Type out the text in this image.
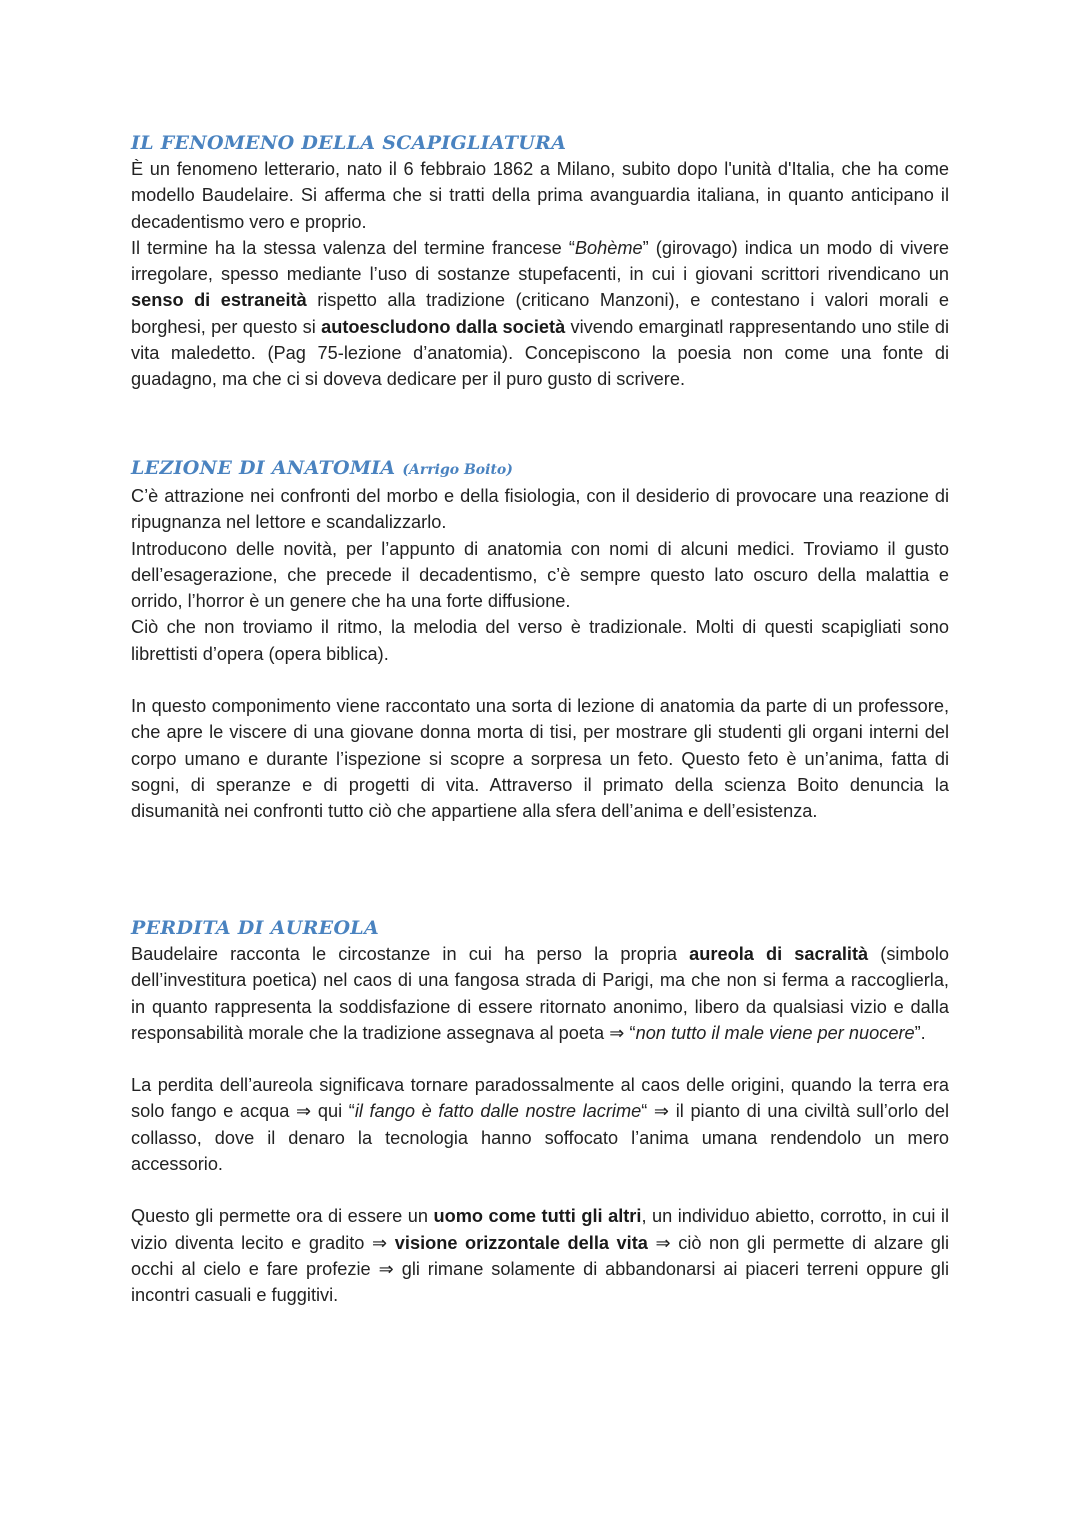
IL FENOMENO DELLA SCAPIGLIATURA

È un fenomeno letterario, nato il 6 febbraio 1862 a Milano, subito dopo l'unità d'Italia, che ha come modello Baudelaire. Si afferma che si tratti della prima avanguardia italiana, in quanto anticipano il decadentismo vero e proprio.

Il termine ha la stessa valenza del termine francese “Bohème” (girovago) indica un modo di vivere irregolare, spesso mediante l’uso di sostanze stupefacenti, in cui i giovani scrittori rivendicano un senso di estraneità rispetto alla tradizione (criticano Manzoni), e contestano i valori morali e borghesi, per questo si autoescludono dalla società vivendo emarginatl rappresentando uno stile di vita maledetto. (Pag 75-lezione d’anatomia). Concepiscono la poesia non come una fonte di guadagno, ma che ci si doveva dedicare per il puro gusto di scrivere.

LEZIONE DI ANATOMIA (Arrigo Boito)

C’è attrazione nei confronti del morbo e della fisiologia, con il desiderio di provocare una reazione di ripugnanza nel lettore e scandalizzarlo.

Introducono delle novità, per l’appunto di anatomia con nomi di alcuni medici. Troviamo il gusto dell’esagerazione, che precede il decadentismo, c’è sempre questo lato oscuro della malattia e orrido, l’horror è un genere che ha una forte diffusione.

Ciò che non troviamo il ritmo, la melodia del verso è tradizionale. Molti di questi scapigliati sono librettisti d’opera (opera biblica).

In questo componimento viene raccontato una sorta di lezione di anatomia da parte di un professore, che apre le viscere di una giovane donna morta di tisi, per mostrare gli studenti gli organi interni del corpo umano e durante l’ispezione si scopre a sorpresa un feto. Questo feto è un’anima, fatta di sogni, di speranze e di progetti di vita. Attraverso il primato della scienza Boito denuncia la disumanità nei confronti tutto ciò che appartiene alla sfera dell’anima e dell’esistenza.

PERDITA DI AUREOLA

Baudelaire racconta le circostanze in cui ha perso la propria aureola di sacralità (simbolo dell’investitura poetica) nel caos di una fangosa strada di Parigi, ma che non si ferma a raccoglierla, in quanto rappresenta la soddisfazione di essere ritornato anonimo, libero da qualsiasi vizio e dalla responsabilità morale che la tradizione assegnava al poeta ⇒ “non tutto il male viene per nuocere”.

La perdita dell’aureola significava tornare paradossalmente al caos delle origini, quando la terra era solo fango e acqua ⇒ qui “il fango è fatto dalle nostre lacrime“ ⇒ il pianto di una civiltà sull’orlo del collasso, dove il denaro la tecnologia hanno soffocato l’anima umana rendendolo un mero accessorio.

Questo gli permette ora di essere un uomo come tutti gli altri, un individuo abietto, corrotto, in cui il vizio diventa lecito e gradito ⇒ visione orizzontale della vita ⇒ ciò non gli permette di alzare gli occhi al cielo e fare profezie ⇒ gli rimane solamente di abbandonarsi ai piaceri terreni oppure gli incontri casuali e fuggitivi.
